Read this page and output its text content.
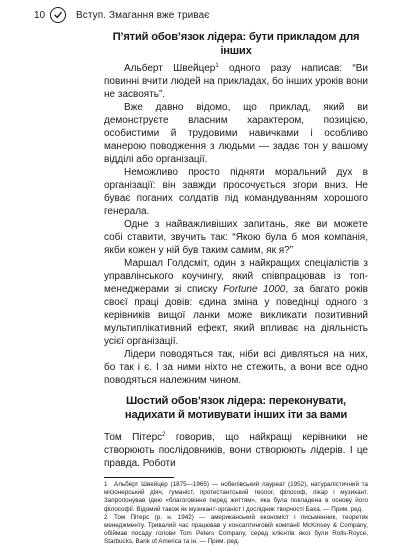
10	Вступ. Змагання вже триває
П’ятий обов’язок лідера: бути прикладом для інших

Альберт Швейцер$^1$ одного разу написав: “Ви повинні вчити людей на прикладах, бо інших уроків вони не засвоять”.

Вже давно відомо, що приклад, який ви демонструєте власним характером, позицією, особистими й трудовими навичками і особливо манерою поводження з людьми — задає тон у вашому відділі або організації.

Неможливо просто підняти моральний дух в організації: він завжди просочується згори вниз. Не буває поганих солдатів під командуванням хорошого генерала.

Одне з найважливіших запитань, яке ви можете собі ставити, звучить так: “Якою була б моя компанія, якби кожен у ній був таким самим, як я?”

Маршал Голдсміт, один з найкращих спеціалістів з управлінського коучингу, який співпрацював із топ-менеджерами зі списку Fortune 1000, за багато років своєї праці довів: єдина зміна у поведінці одного з керівників вищої ланки може викликати позитивний мультиплікативний ефект, який впливає на діяльність усієї організації.

Лідери поводяться так, ніби всі дивляться на них, бо так і є. І за ними ніхто не стежить, а вони все одно поводяться належним чином.

Шостий обов’язок лідера: переконувати, надихати й мотивувати інших іти за вами

Том Пітерс$^2$ говорив, що найкращі керівники не створюють послідовників, вони створюють лідерів. І це правда. Роботи

1 Альберт Швейцер (1875—1965) — нобелівський лауреат (1952), натуралістичний та місіонерський діяч, гуманіст, протестантський теолог, філософ, лікар і музикант. Запропонував ідею «благоговіння перед життям», яка була покладена в основу його філософії. Відомий також як музикант-органіст і дослідник творчості Баха. — Прим. ред.
2 Том Пітерс (р. н. 1942) — американський економіст і письменник, теоретик менеджменту. Тривалий час працював у консалтинговій компанії McKinsey & Company, обіймав посаду голови Tom Peters Company, серед клієнтів якої були Rolls-Royce, Starbucks, Bank of America та ін. — Прим. ред.
